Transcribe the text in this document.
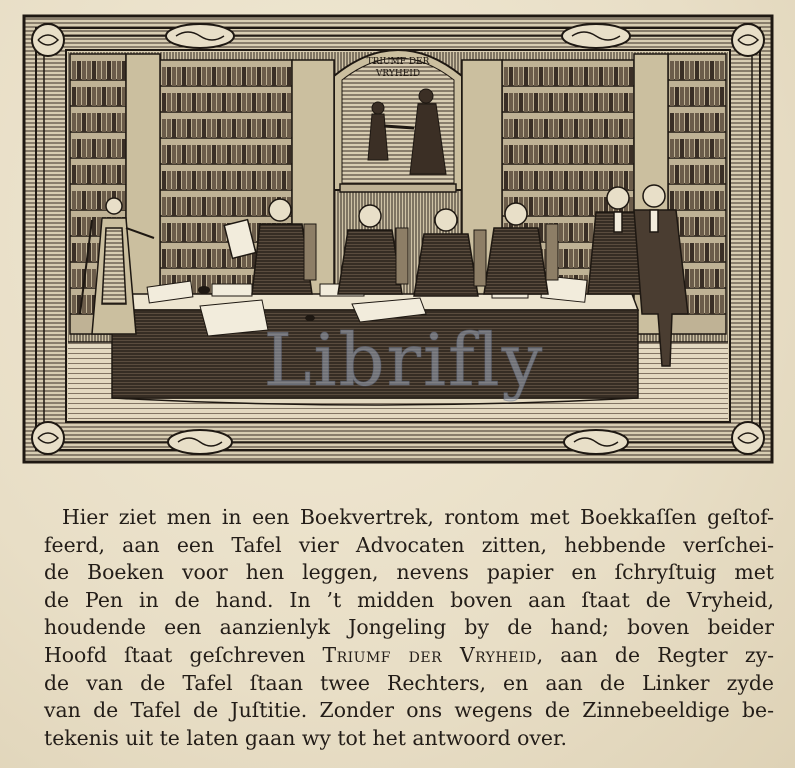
TRIUMF DER
VRYHEID
Librifly
Hier ziet men in een Boekvertrek, rontom met Boekkaſſen geſtof-
feerd, aan een Tafel vier Advocaten zitten, hebbende verſchei-
de Boeken voor hen leggen, nevens papier en ſchryſtuig met
de Pen in de hand. In ’t midden boven aan ſtaat de Vryheid,
houdende een aanzienlyk Jongeling by de hand; boven beider
Hoofd ſtaat geſchreven Triumf der Vryheid, aan de Regter zy-
de van de Tafel ſtaan twee Rechters, en aan de Linker zyde
van de Tafel de Juſtitie. Zonder ons wegens de Zinnebeeldige be-
tekenis uit te laten gaan wy tot het antwoord over.
